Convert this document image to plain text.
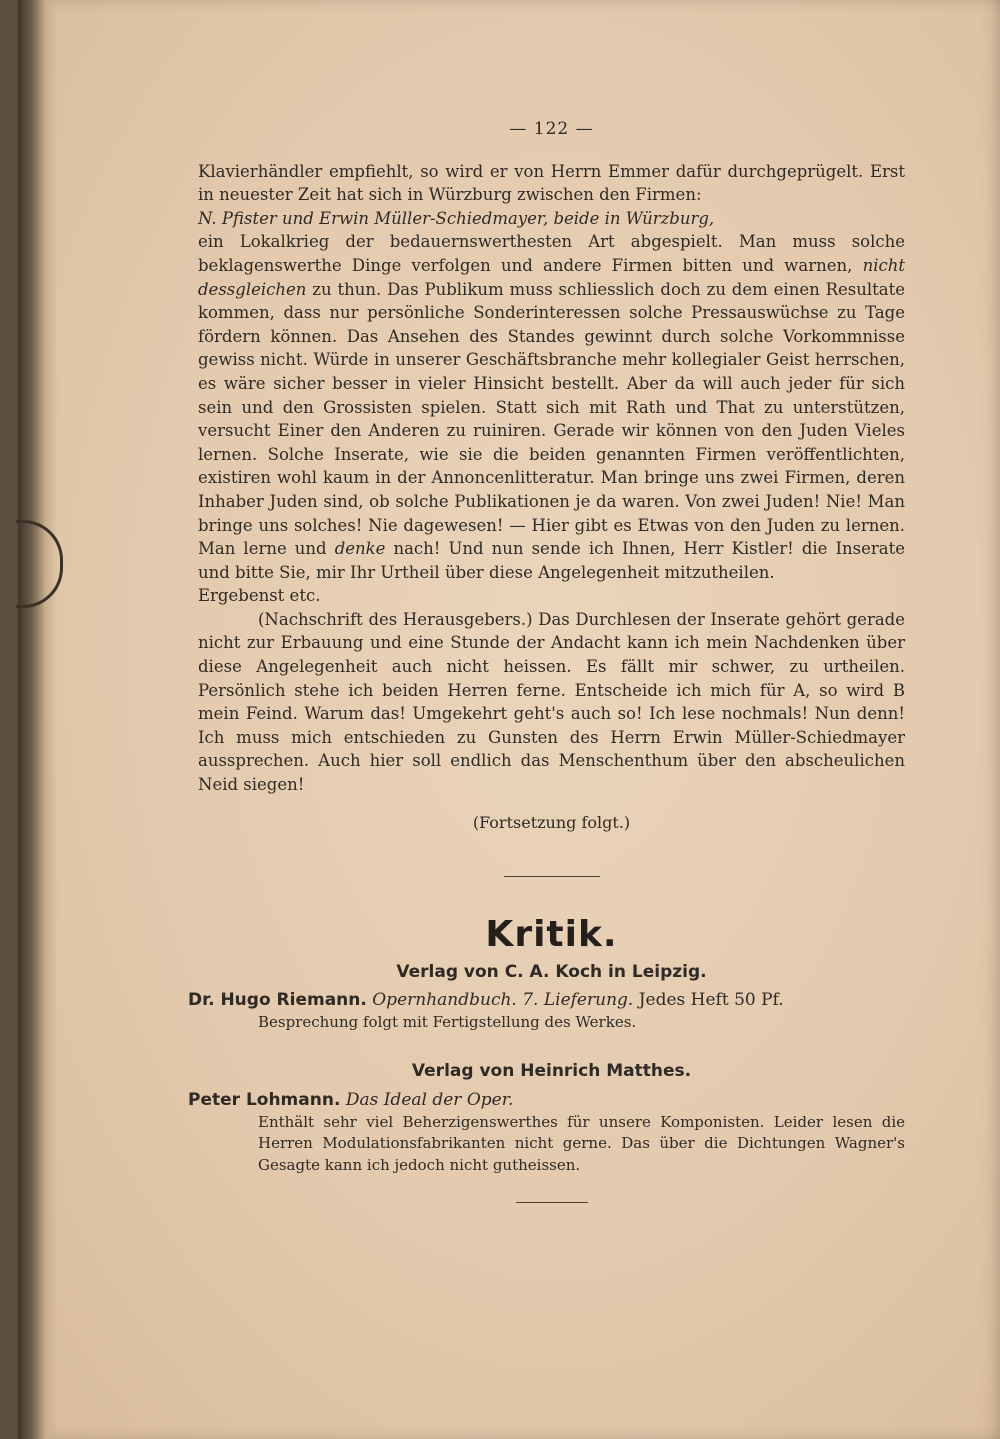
— 122 —

Klavierhändler empfiehlt, so wird er von Herrn Emmer dafür durchgeprügelt. Erst in neuester Zeit hat sich in Würzburg zwischen den Firmen:

N. Pfister und Erwin Müller-Schiedmayer, beide in Würzburg,

ein Lokalkrieg der bedauernswerthesten Art abgespielt. Man muss solche beklagenswerthe Dinge verfolgen und andere Firmen bitten und warnen, nicht dessgleichen zu thun. Das Publikum muss schliesslich doch zu dem einen Resultate kommen, dass nur persönliche Sonderinteressen solche Pressauswüchse zu Tage fördern können. Das Ansehen des Standes gewinnt durch solche Vorkommnisse gewiss nicht. Würde in unserer Geschäftsbranche mehr kollegialer Geist herrschen, es wäre sicher besser in vieler Hinsicht bestellt. Aber da will auch jeder für sich sein und den Grossisten spielen. Statt sich mit Rath und That zu unterstützen, versucht Einer den Anderen zu ruiniren. Gerade wir können von den Juden Vieles lernen. Solche Inserate, wie sie die beiden genannten Firmen veröffentlichten, existiren wohl kaum in der Annoncenlitteratur. Man bringe uns zwei Firmen, deren Inhaber Juden sind, ob solche Publikationen je da waren. Von zwei Juden! Nie! Man bringe uns solches! Nie dagewesen! — Hier gibt es Etwas von den Juden zu lernen. Man lerne und denke nach! Und nun sende ich Ihnen, Herr Kistler! die Inserate und bitte Sie, mir Ihr Urtheil über diese Angelegenheit mitzutheilen.

Ergebenst etc.

(Nachschrift des Herausgebers.) Das Durchlesen der Inserate gehört gerade nicht zur Erbauung und eine Stunde der Andacht kann ich mein Nachdenken über diese Angelegenheit auch nicht heissen. Es fällt mir schwer, zu urtheilen. Persönlich stehe ich beiden Herren ferne. Entscheide ich mich für A, so wird B mein Feind. Warum das! Umgekehrt geht's auch so! Ich lese nochmals! Nun denn! Ich muss mich entschieden zu Gunsten des Herrn Erwin Müller-Schiedmayer aussprechen. Auch hier soll endlich das Menschenthum über den abscheulichen Neid siegen!

(Fortsetzung folgt.)
Kritik.
Verlag von C. A. Koch in Leipzig.
Dr. Hugo Riemann. Opernhandbuch. 7. Lieferung. Jedes Heft 50 Pf.
Besprechung folgt mit Fertigstellung des Werkes.
Verlag von Heinrich Matthes.
Peter Lohmann. Das Ideal der Oper.
Enthält sehr viel Beherzigenswerthes für unsere Komponisten. Leider lesen die Herren Modulationsfabrikanten nicht gerne. Das über die Dichtungen Wagner's Gesagte kann ich jedoch nicht gutheissen.
